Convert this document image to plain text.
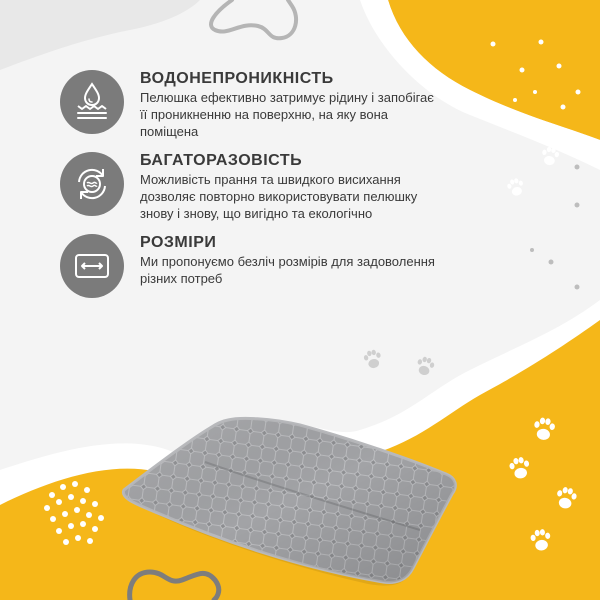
ВОДОНЕПРОНИКНІСТЬ
Пелюшка ефективно затримує рідину і запобігає її проникненню на поверхню, на яку вона поміщена
БАГАТОРАЗОВІСТЬ
Можливість прання та швидкого висихання дозволяє повторно використовувати пелюшку знову і знову, що вигідно та екологічно
РОЗМІРИ
Ми пропонуємо безліч розмірів для задоволення різних потреб
